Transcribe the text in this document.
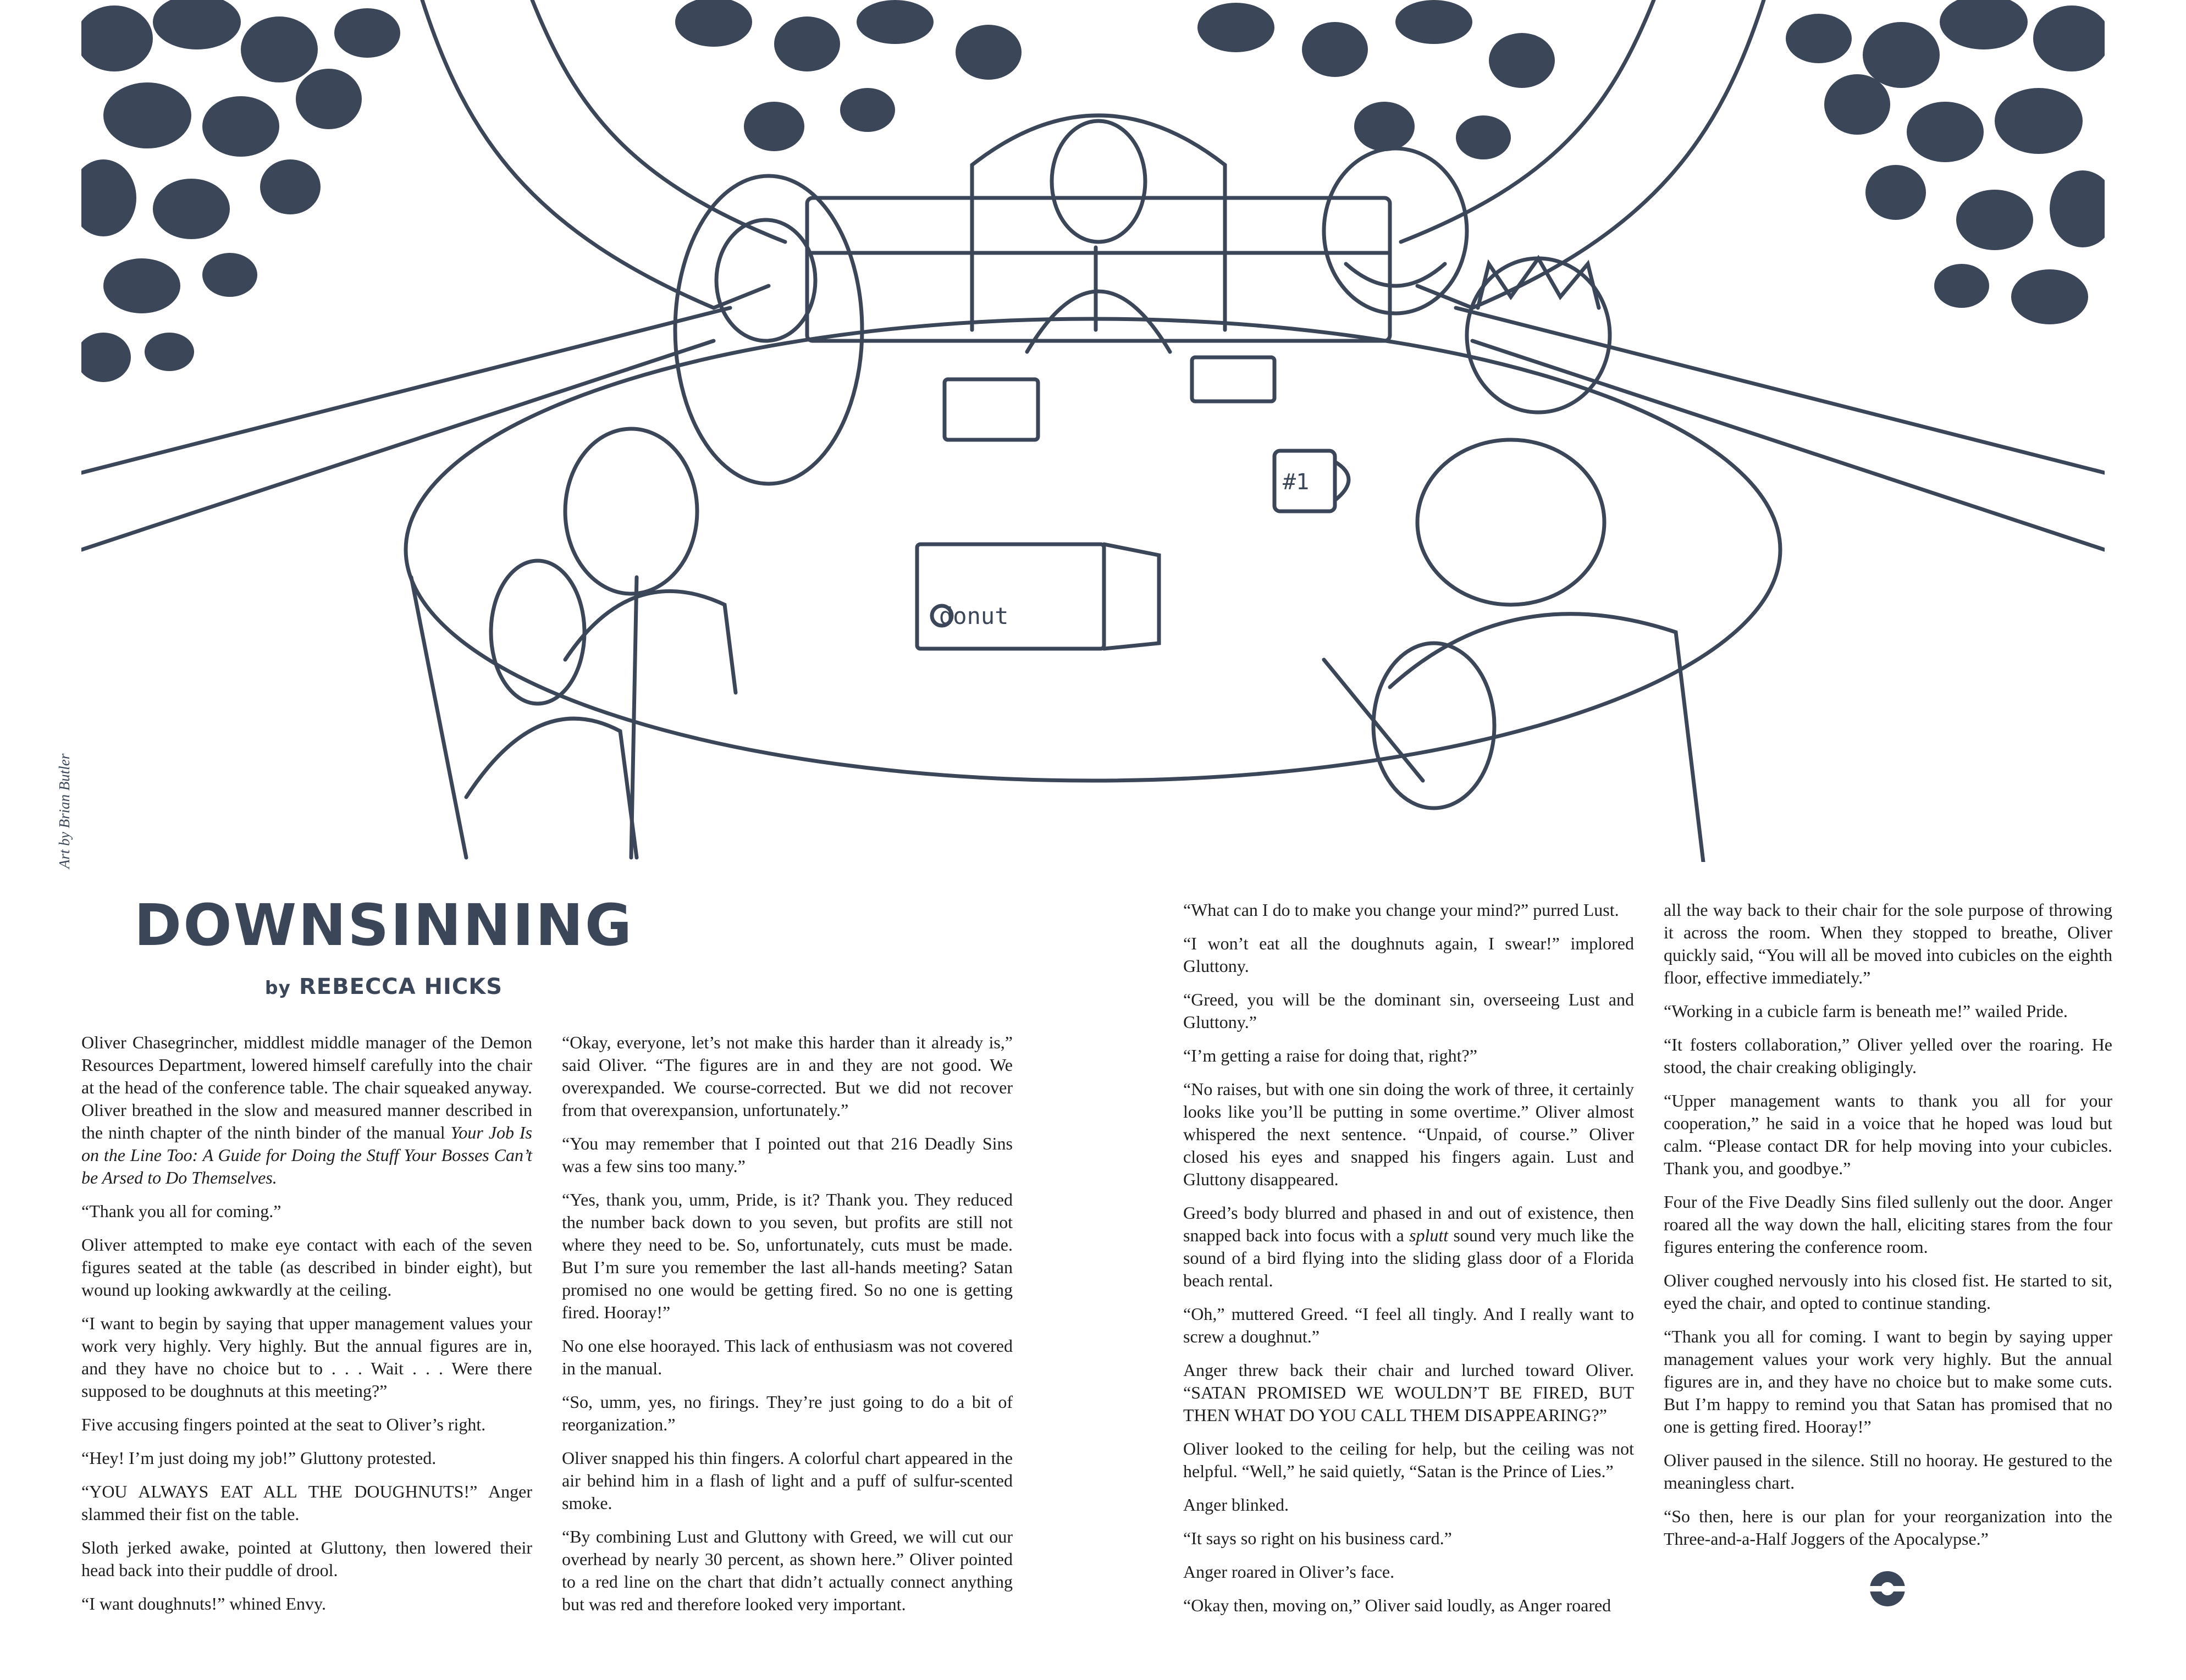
donut
#1
Art by Brian Butler
DOWNSINNING
by REBECCA HICKS

Oliver Chasegrincher, middlest middle manager of the Demon Resources Department, lowered himself carefully into the chair at the head of the conference table. The chair squeaked anyway. Oliver breathed in the slow and measured manner described in the ninth chapter of the ninth binder of the manual Your Job Is on the Line Too: A Guide for Doing the Stuff Your Bosses Can’t be Arsed to Do Themselves.

“Thank you all for coming.”

Oliver attempted to make eye contact with each of the seven figures seated at the table (as described in binder eight), but wound up looking awkwardly at the ceiling.

“I want to begin by saying that upper management values your work very highly. Very highly. But the annual figures are in, and they have no choice but to . . . Wait . . . Were there supposed to be doughnuts at this meeting?”

Five accusing fingers pointed at the seat to Oliver’s right.

“Hey! I’m just doing my job!” Gluttony protested.

“YOU ALWAYS EAT ALL THE DOUGHNUTS!” Anger slammed their fist on the table.

Sloth jerked awake, pointed at Gluttony, then lowered their head back into their puddle of drool.

“I want doughnuts!” whined Envy.

“Okay, everyone, let’s not make this harder than it already is,” said Oliver. “The figures are in and they are not good. We overexpanded. We course-corrected. But we did not recover from that overexpansion, unfortunately.”

“You may remember that I pointed out that 216 Deadly Sins was a few sins too many.”

“Yes, thank you, umm, Pride, is it? Thank you. They reduced the number back down to you seven, but profits are still not where they need to be. So, unfortunately, cuts must be made. But I’m sure you remember the last all-hands meeting? Satan promised no one would be getting fired. So no one is getting fired. Hooray!”

No one else hoorayed. This lack of enthusiasm was not covered in the manual.

“So, umm, yes, no firings. They’re just going to do a bit of reorganization.”

Oliver snapped his thin fingers. A colorful chart appeared in the air behind him in a flash of light and a puff of sulfur-scented smoke.

“By combining Lust and Gluttony with Greed, we will cut our overhead by nearly 30 percent, as shown here.” Oliver pointed to a red line on the chart that didn’t actually connect anything but was red and therefore looked very important.

“What can I do to make you change your mind?” purred Lust.

“I won’t eat all the doughnuts again, I swear!” implored Gluttony.

“Greed, you will be the dominant sin, overseeing Lust and Gluttony.”

“I’m getting a raise for doing that, right?”

“No raises, but with one sin doing the work of three, it certainly looks like you’ll be putting in some overtime.” Oliver almost whispered the next sentence. “Unpaid, of course.” Oliver closed his eyes and snapped his fingers again. Lust and Gluttony disappeared.

Greed’s body blurred and phased in and out of existence, then snapped back into focus with a splutt sound very much like the sound of a bird flying into the sliding glass door of a Florida beach rental.

“Oh,” muttered Greed. “I feel all tingly. And I really want to screw a doughnut.”

Anger threw back their chair and lurched toward Oliver. “SATAN PROMISED WE WOULDN’T BE FIRED, BUT THEN WHAT DO YOU CALL THEM DISAPPEARING?”

Oliver looked to the ceiling for help, but the ceiling was not helpful. “Well,” he said quietly, “Satan is the Prince of Lies.”

Anger blinked.

“It says so right on his business card.”

Anger roared in Oliver’s face.

“Okay then, moving on,” Oliver said loudly, as Anger roared

all the way back to their chair for the sole purpose of throwing it across the room. When they stopped to breathe, Oliver quickly said, “You will all be moved into cubicles on the eighth floor, effective immediately.”

“Working in a cubicle farm is beneath me!” wailed Pride.

“It fosters collaboration,” Oliver yelled over the roaring. He stood, the chair creaking obligingly.

“Upper management wants to thank you all for your cooperation,” he said in a voice that he hoped was loud but calm. “Please contact DR for help moving into your cubicles. Thank you, and goodbye.”

Four of the Five Deadly Sins filed sullenly out the door. Anger roared all the way down the hall, eliciting stares from the four figures entering the conference room.

Oliver coughed nervously into his closed fist. He started to sit, eyed the chair, and opted to continue standing.

“Thank you all for coming. I want to begin by saying upper management values your work very highly. But the annual figures are in, and they have no choice but to make some cuts. But I’m happy to remind you that Satan has promised that no one is getting fired. Hooray!”

Oliver paused in the silence. Still no hooray. He gestured to the meaningless chart.

“So then, here is our plan for your reorganization into the Three-and-a-Half Joggers of the Apocalypse.”
